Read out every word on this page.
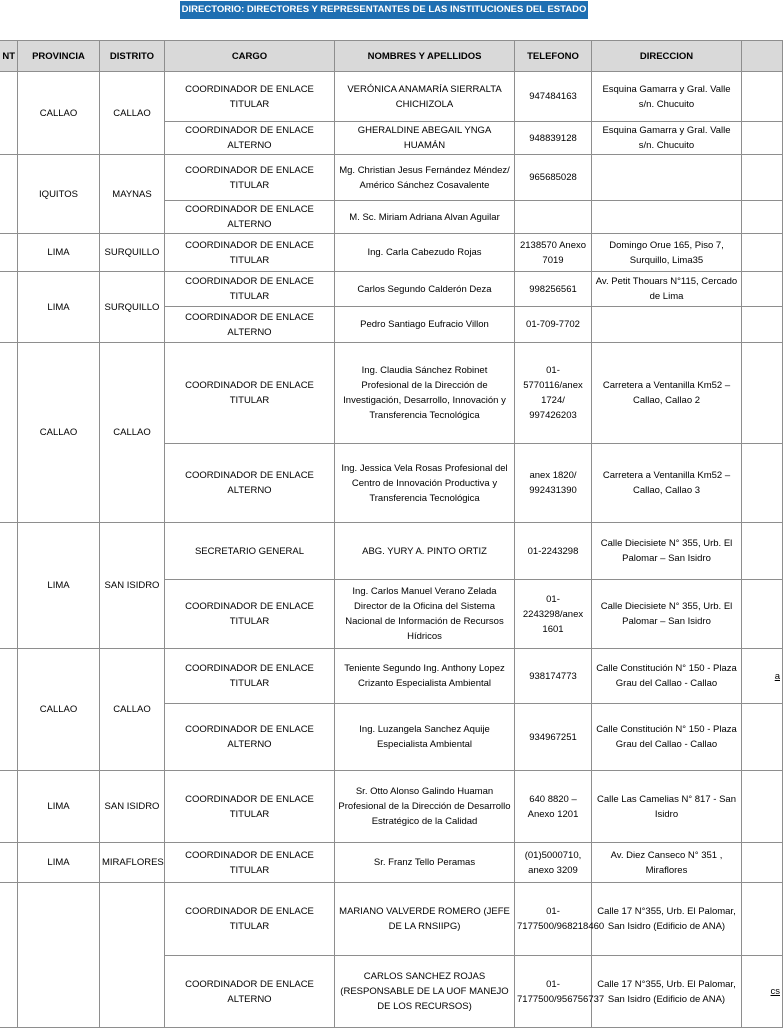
DIRECTORIO: DIRECTORES Y REPRESENTANTES DE LAS INSTITUCIONES DEL ESTADO
NT	PROVINCIA	DISTRITO	CARGO	NOMBRES Y APELLIDOS	TELEFONO	DIRECCION	
	CALLAO	CALLAO	COORDINADOR DE ENLACE TITULAR	VERÓNICA ANAMARÍA SIERRALTA CHICHIZOLA	947484163	Esquina Gamarra y Gral. Valle s/n. Chucuito	
			COORDINADOR DE ENLACE ALTERNO	GHERALDINE ABEGAIL YNGA HUAMÁN	948839128	Esquina Gamarra y Gral. Valle s/n. Chucuito	
	IQUITOS	MAYNAS	COORDINADOR DE ENLACE TITULAR	Mg. Christian Jesus Fernández Méndez/ Américo Sánchez Cosavalente	965685028		
			COORDINADOR DE ENLACE ALTERNO	M. Sc. Miriam Adriana Alvan Aguilar			
	LIMA	SURQUILLO	COORDINADOR DE ENLACE TITULAR	Ing. Carla Cabezudo Rojas	2138570 Anexo 7019	Domingo Orue 165, Piso 7, Surquillo, Lima35	
	LIMA	SURQUILLO	COORDINADOR DE ENLACE TITULAR	Carlos Segundo Calderón Deza	998256561	Av. Petit Thouars N°115, Cercado de Lima	
			COORDINADOR DE ENLACE ALTERNO	Pedro Santiago Eufracio Villon	01-709-7702		
	CALLAO	CALLAO	COORDINADOR DE ENLACE TITULAR	Ing. Claudia Sánchez Robinet Profesional de la Dirección de Investigación, Desarrollo, Innovación y Transferencia Tecnológica	01-5770116/anex 1724/ 997426203	Carretera a Ventanilla Km52 – Callao, Callao 2	
			COORDINADOR DE ENLACE ALTERNO	Ing. Jessica Vela Rosas Profesional del Centro de Innovación Productiva y Transferencia Tecnológica	anex 1820/ 992431390	Carretera a Ventanilla Km52 – Callao, Callao 3	
	LIMA	SAN ISIDRO	SECRETARIO GENERAL	ABG. YURY A. PINTO ORTIZ	01-2243298	Calle Diecisiete N° 355, Urb. El Palomar – San Isidro	
			COORDINADOR DE ENLACE TITULAR	Ing. Carlos Manuel Verano Zelada Director de la Oficina del Sistema Nacional de Información de Recursos Hídricos	01-2243298/anex 1601	Calle Diecisiete N° 355, Urb. El Palomar – San Isidro	
	CALLAO	CALLAO	COORDINADOR DE ENLACE TITULAR	Teniente Segundo Ing. Anthony Lopez Crizanto Especialista Ambiental	938174773	Calle Constitución N° 150 - Plaza Grau del Callao - Callao	a
			COORDINADOR DE ENLACE ALTERNO	Ing. Luzangela Sanchez Aquije Especialista Ambiental	934967251	Calle Constitución N° 150 - Plaza Grau del Callao - Callao	
	LIMA	SAN ISIDRO	COORDINADOR DE ENLACE TITULAR	Sr. Otto Alonso Galindo Huaman Profesional de la Dirección de Desarrollo Estratégico de la Calidad	640 8820 – Anexo 1201	Calle Las Camelias N° 817 - San Isidro	
	LIMA	MIRAFLORES	COORDINADOR DE ENLACE TITULAR	Sr. Franz Tello Peramas	(01)5000710, anexo 3209	Av. Diez Canseco N° 351 , Miraflores	
			COORDINADOR DE ENLACE TITULAR	MARIANO VALVERDE ROMERO (JEFE DE LA RNSIIPG)	01-7177500/968218460	Calle 17 N°355, Urb. El Palomar, San Isidro (Edificio de ANA)	
			COORDINADOR DE ENLACE ALTERNO	CARLOS SANCHEZ ROJAS (RESPONSABLE DE LA UOF MANEJO DE LOS RECURSOS)	01-7177500/956756737	Calle 17 N°355, Urb. El Palomar, San Isidro (Edificio de ANA)	cs
